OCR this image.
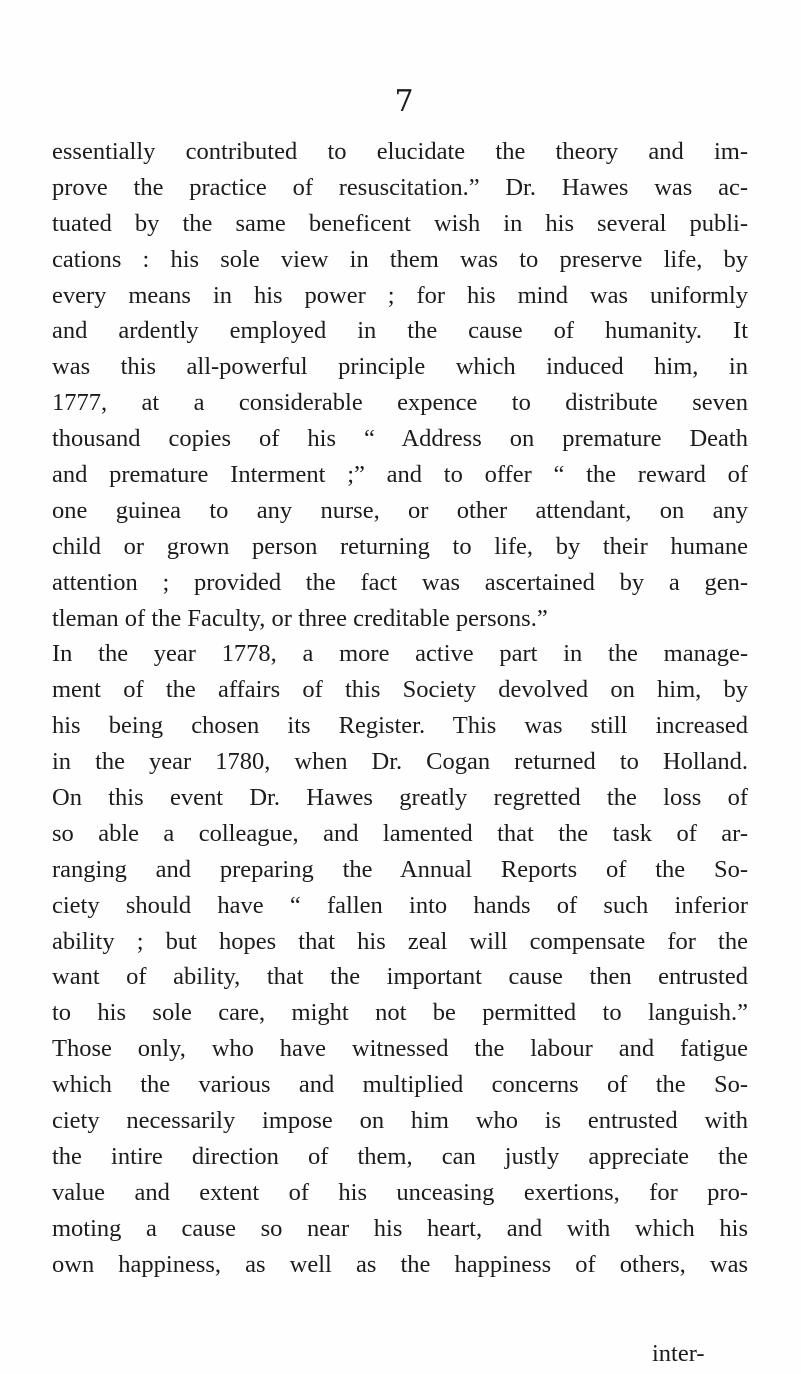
7
essentially contributed to elucidate the theory and im-
prove the practice of resuscitation.” Dr. Hawes was ac-
tuated by the same beneficent wish in his several publi-
cations : his sole view in them was to preserve life, by
every means in his power ; for his mind was uniformly
and ardently employed in the cause of humanity. It
was this all-powerful principle which induced him, in
1777, at a considerable expence to distribute seven
thousand copies of his “ Address on premature Death
and premature Interment ;” and to offer “ the reward of
one guinea to any nurse, or other attendant, on any
child or grown person returning to life, by their humane
attention ; provided the fact was ascertained by a gen-
tleman of the Faculty, or three creditable persons.”
In the year 1778, a more active part in the manage-
ment of the affairs of this Society devolved on him, by
his being chosen its Register. This was still increased
in the year 1780, when Dr. Cogan returned to Holland.
On this event Dr. Hawes greatly regretted the loss of
so able a colleague, and lamented that the task of ar-
ranging and preparing the Annual Reports of the So-
ciety should have “ fallen into hands of such inferior
ability ; but hopes that his zeal will compensate for the
want of ability, that the important cause then entrusted
to his sole care, might not be permitted to languish.”
Those only, who have witnessed the labour and fatigue
which the various and multiplied concerns of the So-
ciety necessarily impose on him who is entrusted with
the intire direction of them, can justly appreciate the
value and extent of his unceasing exertions, for pro-
moting a cause so near his heart, and with which his
own happiness, as well as the happiness of others, was
inter-
